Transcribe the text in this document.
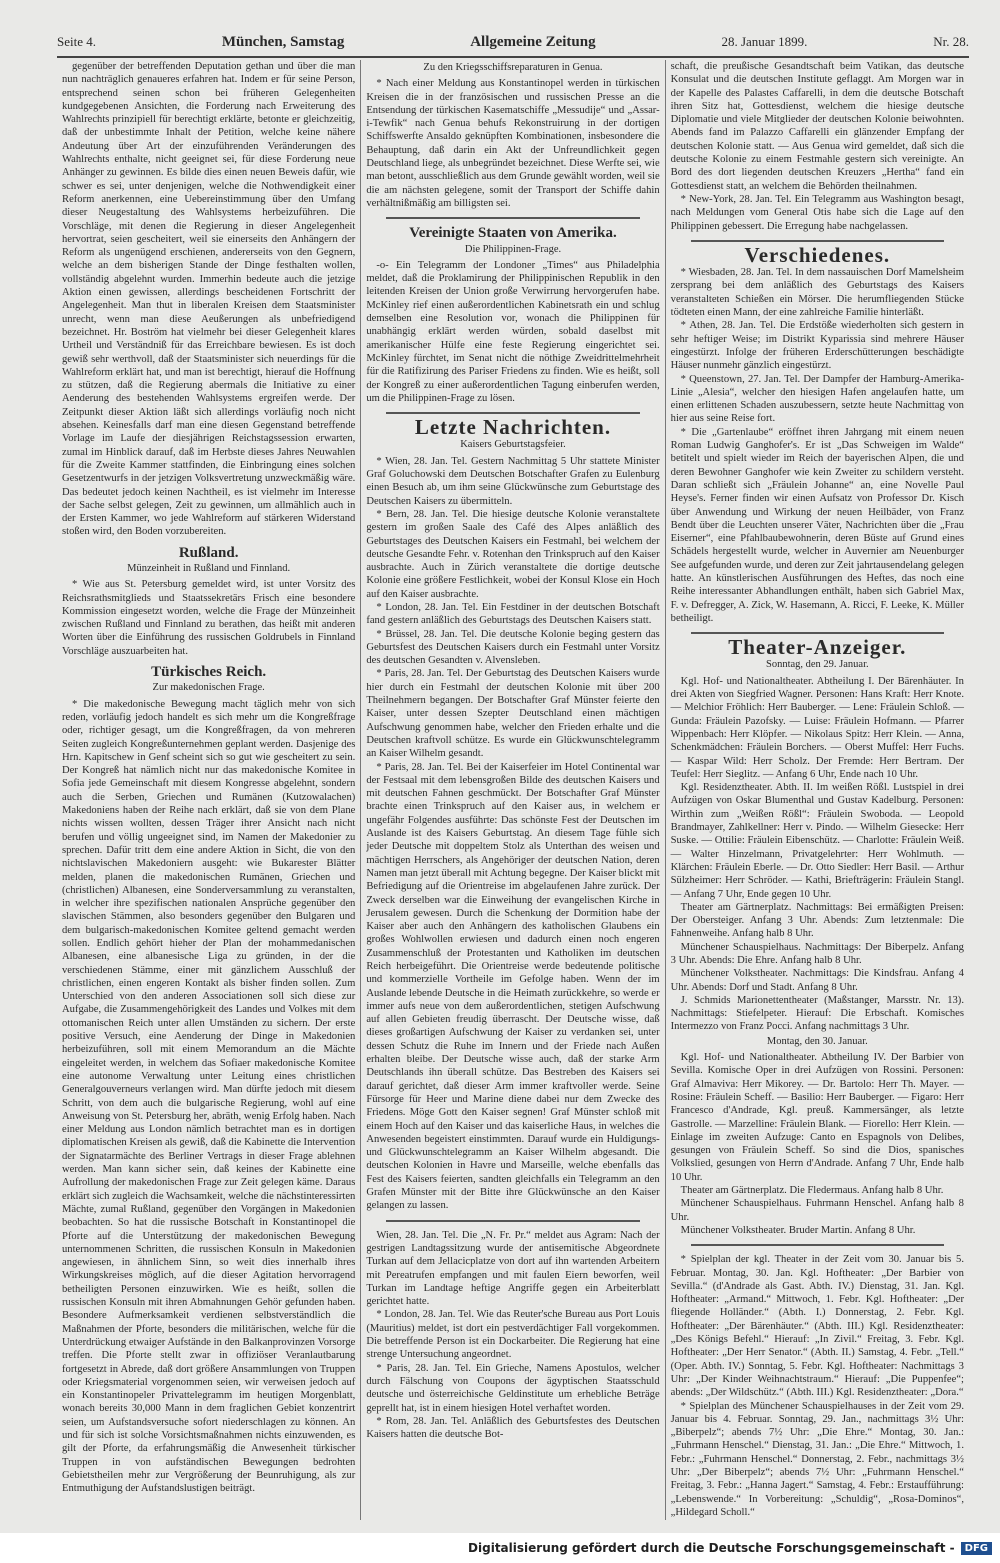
Seite 4.	München, Samstag	Allgemeine Zeitung	28. Januar 1899.	Nr. 28.

gegenüber der betreffenden Deputation gethan und über die man nun nachträglich genaueres erfahren hat. Indem er für seine Person, entsprechend seinen schon bei früheren Gelegenheiten kundgegebenen Ansichten, die Forderung nach Erweiterung des Wahlrechts prinzipiell für berechtigt erklärte, betonte er gleichzeitig, daß der unbestimmte Inhalt der Petition, welche keine nähere Andeutung über Art der einzuführenden Veränderungen des Wahlrechts enthalte, nicht geeignet sei, für diese Forderung neue Anhänger zu gewinnen. Es bilde dies einen neuen Beweis dafür, wie schwer es sei, unter denjenigen, welche die Nothwendigkeit einer Reform anerkennen, eine Uebereinstimmung über den Umfang dieser Neugestaltung des Wahlsystems herbeizuführen. Die Vorschläge, mit denen die Regierung in dieser Angelegenheit hervortrat, seien gescheitert, weil sie einerseits den Anhängern der Reform als ungenügend erschienen, andererseits von den Gegnern, welche an dem bisherigen Stande der Dinge festhalten wollen, vollständig abgelehnt wurden. Immerhin bedeute auch die jetzige Aktion einen gewissen, allerdings bescheidenen Fortschritt der Angelegenheit. Man thut in liberalen Kreisen dem Staatsminister unrecht, wenn man diese Aeußerungen als unbefriedigend bezeichnet. Hr. Boström hat vielmehr bei dieser Gelegenheit klares Urtheil und Verständniß für das Erreichbare bewiesen. Es ist doch gewiß sehr werthvoll, daß der Staatsminister sich neuerdings für die Wahlreform erklärt hat, und man ist berechtigt, hierauf die Hoffnung zu stützen, daß die Regierung abermals die Initiative zu einer Aenderung des bestehenden Wahlsystems ergreifen werde. Der Zeitpunkt dieser Aktion läßt sich allerdings vorläufig noch nicht absehen. Keinesfalls darf man eine diesen Gegenstand betreffende Vorlage im Laufe der diesjährigen Reichstagssession erwarten, zumal im Hinblick darauf, daß im Herbste dieses Jahres Neuwahlen für die Zweite Kammer stattfinden, die Einbringung eines solchen Gesetzentwurfs in der jetzigen Volksvertretung unzweckmäßig wäre. Das bedeutet jedoch keinen Nachtheil, es ist vielmehr im Interesse der Sache selbst gelegen, Zeit zu gewinnen, um allmählich auch in der Ersten Kammer, wo jede Wahlreform auf stärkeren Widerstand stoßen wird, den Boden vorzubereiten.

Rußland.
Münzeinheit in Rußland und Finnland.

* Wie aus St. Petersburg gemeldet wird, ist unter Vorsitz des Reichsrathsmitglieds und Staatssekretärs Frisch eine besondere Kommission eingesetzt worden, welche die Frage der Münzeinheit zwischen Rußland und Finnland zu berathen, das heißt mit anderen Worten über die Einführung des russischen Goldrubels in Finnland Vorschläge auszuarbeiten hat.

Türkisches Reich.
Zur makedonischen Frage.

* Die makedonische Bewegung macht täglich mehr von sich reden, vorläufig jedoch handelt es sich mehr um die Kongreßfrage oder, richtiger gesagt, um die Kongreßfragen, da von mehreren Seiten zugleich Kongreßunternehmen geplant werden. Dasjenige des Hrn. Kapitschew in Genf scheint sich so gut wie gescheitert zu sein. Der Kongreß hat nämlich nicht nur das makedonische Komitee in Sofia jede Gemeinschaft mit diesem Kongresse abgelehnt, sondern auch die Serben, Griechen und Rumänen (Kutzowalachen) Makedoniens haben der Reihe nach erklärt, daß sie von dem Plane nichts wissen wollten, dessen Träger ihrer Ansicht nach nicht berufen und völlig ungeeignet sind, im Namen der Makedonier zu sprechen. Dafür tritt dem eine andere Aktion in Sicht, die von den nichtslavischen Makedoniern ausgeht: wie Bukarester Blätter melden, planen die makedonischen Rumänen, Griechen und (christlichen) Albanesen, eine Sonderversammlung zu veranstalten, in welcher ihre spezifischen nationalen Ansprüche gegenüber den slavischen Stämmen, also besonders gegenüber den Bulgaren und dem bulgarisch-makedonischen Komitee geltend gemacht werden sollen. Endlich gehört hieher der Plan der mohammedanischen Albanesen, eine albanesische Liga zu gründen, in der die verschiedenen Stämme, einer mit gänzlichem Ausschluß der christlichen, einen engeren Kontakt als bisher finden sollen. Zum Unterschied von den anderen Associationen soll sich diese zur Aufgabe, die Zusammengehörigkeit des Landes und Volkes mit dem ottomanischen Reich unter allen Umständen zu sichern. Der erste positive Versuch, eine Aenderung der Dinge in Makedonien herbeizuführen, soll mit einem Memorandum an die Mächte eingeleitet werden, in welchem das Sofiaer makedonische Komitee eine autonome Verwaltung unter Leitung eines christlichen Generalgouverneurs verlangen wird. Man dürfte jedoch mit diesem Schritt, von dem auch die bulgarische Regierung, wohl auf eine Anweisung von St. Petersburg her, abräth, wenig Erfolg haben. Nach einer Meldung aus London nämlich betrachtet man es in dortigen diplomatischen Kreisen als gewiß, daß die Kabinette die Intervention der Signatarmächte des Berliner Vertrags in dieser Frage ablehnen werden. Man kann sicher sein, daß keines der Kabinette eine Aufrollung der makedonischen Frage zur Zeit gelegen käme. Daraus erklärt sich zugleich die Wachsamkeit, welche die nächstinteressirten Mächte, zumal Rußland, gegenüber den Vorgängen in Makedonien beobachten. So hat die russische Botschaft in Konstantinopel die Pforte auf die Unterstützung der makedonischen Bewegung unternommenen Schritten, die russischen Konsuln in Makedonien angewiesen, in ähnlichem Sinn, so weit dies innerhalb ihres Wirkungskreises möglich, auf die dieser Agitation hervorragend betheiligten Personen einzuwirken. Wie es heißt, sollen die russischen Konsuln mit ihren Abmahnungen Gehör gefunden haben. Besondere Aufmerksamkeit verdienen selbstverständlich die Maßnahmen der Pforte, besonders die militärischen, welche für die Unterdrückung etwaiger Aufstände in den Balkanprovinzen Vorsorge treffen. Die Pforte stellt zwar in offiziöser Veranlautbarung fortgesetzt in Abrede, daß dort größere Ansammlungen von Truppen oder Kriegsmaterial vorgenommen seien, wir verweisen jedoch auf ein Konstantinopeler Privattelegramm im heutigen Morgenblatt, wonach bereits 30,000 Mann in dem fraglichen Gebiet konzentrirt seien, um Aufstandsversuche sofort niederschlagen zu können. An und für sich ist solche Vorsichtsmaßnahmen nichts einzuwenden, es gilt der Pforte, da erfahrungsmäßig die Anwesenheit türkischer Truppen in von aufständischen Bewegungen bedrohten Gebietstheilen mehr zur Vergrößerung der Beunruhigung, als zur Entmuthigung der Aufstandslustigen beiträgt.

Zu den Kriegsschiffsreparaturen in Genua.

* Nach einer Meldung aus Konstantinopel werden in türkischen Kreisen die in der französischen und russischen Presse an die Entsendung der türkischen Kasematschiffe „Messudije“ und „Assar-i-Tewfik“ nach Genua behufs Rekonstruirung in der dortigen Schiffswerfte Ansaldo geknüpften Kombinationen, insbesondere die Behauptung, daß darin ein Akt der Unfreundlichkeit gegen Deutschland liege, als unbegründet bezeichnet. Diese Werfte sei, wie man betont, ausschließlich aus dem Grunde gewählt worden, weil sie die am nächsten gelegene, somit der Transport der Schiffe dahin verhältnißmäßig am billigsten sei.

Vereinigte Staaten von Amerika.
Die Philippinen-Frage.

-o- Ein Telegramm der Londoner „Times“ aus Philadelphia meldet, daß die Proklamirung der Philippinischen Republik in den leitenden Kreisen der Union große Verwirrung hervorgerufen habe. McKinley rief einen außerordentlichen Kabinetsrath ein und schlug demselben eine Resolution vor, wonach die Philippinen für unabhängig erklärt werden würden, sobald daselbst mit amerikanischer Hülfe eine feste Regierung eingerichtet sei. McKinley fürchtet, im Senat nicht die nöthige Zweidrittelmehrheit für die Ratifizirung des Pariser Friedens zu finden. Wie es heißt, soll der Kongreß zu einer außerordentlichen Tagung einberufen werden, um die Philippinen-Frage zu lösen.

Letzte Nachrichten.
Kaisers Geburtstagsfeier.

* Wien, 28. Jan. Tel. Gestern Nachmittag 5 Uhr stattete Minister Graf Goluchowski dem Deutschen Botschafter Grafen zu Eulenburg einen Besuch ab, um ihm seine Glückwünsche zum Geburtstage des Deutschen Kaisers zu übermitteln.

* Bern, 28. Jan. Tel. Die hiesige deutsche Kolonie veranstaltete gestern im großen Saale des Café des Alpes anläßlich des Geburtstages des Deutschen Kaisers ein Festmahl, bei welchem der deutsche Gesandte Fehr. v. Rotenhan den Trinkspruch auf den Kaiser ausbrachte. Auch in Zürich veranstaltete die dortige deutsche Kolonie eine größere Festlichkeit, wobei der Konsul Klose ein Hoch auf den Kaiser ausbrachte.

* London, 28. Jan. Tel. Ein Festdiner in der deutschen Botschaft fand gestern anläßlich des Geburtstags des Deutschen Kaisers statt.

* Brüssel, 28. Jan. Tel. Die deutsche Kolonie beging gestern das Geburtsfest des Deutschen Kaisers durch ein Festmahl unter Vorsitz des deutschen Gesandten v. Alvensleben.

* Paris, 28. Jan. Tel. Der Geburtstag des Deutschen Kaisers wurde hier durch ein Festmahl der deutschen Kolonie mit über 200 Theilnehmern begangen. Der Botschafter Graf Münster feierte den Kaiser, unter dessen Szepter Deutschland einen mächtigen Aufschwung genommen habe, welcher den Frieden erhalte und die Deutschen kraftvoll schütze. Es wurde ein Glückwunschtelegramm an Kaiser Wilhelm gesandt.

* Paris, 28. Jan. Tel. Bei der Kaiserfeier im Hotel Continental war der Festsaal mit dem lebensgroßen Bilde des deutschen Kaisers und mit deutschen Fahnen geschmückt. Der Botschafter Graf Münster brachte einen Trinkspruch auf den Kaiser aus, in welchem er ungefähr Folgendes ausführte: Das schönste Fest der Deutschen im Auslande ist des Kaisers Geburtstag. An diesem Tage fühle sich jeder Deutsche mit doppeltem Stolz als Unterthan des weisen und mächtigen Herrschers, als Angehöriger der deutschen Nation, deren Namen man jetzt überall mit Achtung begegne. Der Kaiser blickt mit Befriedigung auf die Orientreise im abgelaufenen Jahre zurück. Der Zweck derselben war die Einweihung der evangelischen Kirche in Jerusalem gewesen. Durch die Schenkung der Dormition habe der Kaiser aber auch den Anhängern des katholischen Glaubens ein großes Wohlwollen erwiesen und dadurch einen noch engeren Zusammenschluß der Protestanten und Katholiken im deutschen Reich herbeigeführt. Die Orientreise werde bedeutende politische und kommerzielle Vortheile im Gefolge haben. Wenn der im Auslande lebende Deutsche in die Heimath zurückkehre, so werde er immer aufs neue von dem außerordentlichen, stetigen Aufschwung auf allen Gebieten freudig überrascht. Der Deutsche wisse, daß dieses großartigen Aufschwung der Kaiser zu verdanken sei, unter dessen Schutz die Ruhe im Innern und der Friede nach Außen erhalten bleibe. Der Deutsche wisse auch, daß der starke Arm Deutschlands ihn überall schütze. Das Bestreben des Kaisers sei darauf gerichtet, daß dieser Arm immer kraftvoller werde. Seine Fürsorge für Heer und Marine diene dabei nur dem Zwecke des Friedens. Möge Gott den Kaiser segnen! Graf Münster schloß mit einem Hoch auf den Kaiser und das kaiserliche Haus, in welches die Anwesenden begeistert einstimmten. Darauf wurde ein Huldigungs- und Glückwunschtelegramm an Kaiser Wilhelm abgesandt. Die deutschen Kolonien in Havre und Marseille, welche ebenfalls das Fest des Kaisers feierten, sandten gleichfalls ein Telegramm an den Grafen Münster mit der Bitte ihre Glückwünsche an den Kaiser gelangen zu lassen.

Wien, 28. Jan. Tel. Die „N. Fr. Pr.“ meldet aus Agram: Nach der gestrigen Landtagssitzung wurde der antisemitische Abgeordnete Turkan auf dem Jellacicplatze von dort auf ihn wartenden Arbeitern mit Pereatrufen empfangen und mit faulen Eiern beworfen, weil Turkan im Landtage heftige Angriffe gegen ein Arbeiterblatt gerichtet hatte.

* London, 28. Jan. Tel. Wie das Reuter'sche Bureau aus Port Louis (Mauritius) meldet, ist dort ein pestverdächtiger Fall vorgekommen. Die betreffende Person ist ein Dockarbeiter. Die Regierung hat eine strenge Untersuchung angeordnet.

* Paris, 28. Jan. Tel. Ein Grieche, Namens Apostulos, welcher durch Fälschung von Coupons der ägyptischen Staatsschuld deutsche und österreichische Geldinstitute um erhebliche Beträge geprellt hat, ist in einem hiesigen Hotel verhaftet worden.

* Rom, 28. Jan. Tel. Anläßlich des Geburtsfestes des Deutschen Kaisers hatten die deutsche Bot-

schaft, die preußische Gesandtschaft beim Vatikan, das deutsche Konsulat und die deutschen Institute geflaggt. Am Morgen war in der Kapelle des Palastes Caffarelli, in dem die deutsche Botschaft ihren Sitz hat, Gottesdienst, welchem die hiesige deutsche Diplomatie und viele Mitglieder der deutschen Kolonie beiwohnten. Abends fand im Palazzo Caffarelli ein glänzender Empfang der deutschen Kolonie statt. — Aus Genua wird gemeldet, daß sich die deutsche Kolonie zu einem Festmahle gestern sich vereinigte. An Bord des dort liegenden deutschen Kreuzers „Hertha“ fand ein Gottesdienst statt, an welchem die Behörden theilnahmen.

* New-York, 28. Jan. Tel. Ein Telegramm aus Washington besagt, nach Meldungen vom General Otis habe sich die Lage auf den Philippinen gebessert. Die Erregung habe nachgelassen.

Verschiedenes.

* Wiesbaden, 28. Jan. Tel. In dem nassauischen Dorf Mamelsheim zersprang bei dem anläßlich des Geburtstags des Kaisers veranstalteten Schießen ein Mörser. Die herumfliegenden Stücke tödteten einen Mann, der eine zahlreiche Familie hinterläßt.

* Athen, 28. Jan. Tel. Die Erdstöße wiederholten sich gestern in sehr heftiger Weise; im Distrikt Kyparissia sind mehrere Häuser eingestürzt. Infolge der früheren Erderschütterungen beschädigte Häuser nunmehr gänzlich eingestürzt.

* Queenstown, 27. Jan. Tel. Der Dampfer der Hamburg-Amerika-Linie „Alesia“, welcher den hiesigen Hafen angelaufen hatte, um einen erlittenen Schaden auszubessern, setzte heute Nachmittag von hier aus seine Reise fort.

* Die „Gartenlaube“ eröffnet ihren Jahrgang mit einem neuen Roman Ludwig Ganghofer's. Er ist „Das Schweigen im Walde“ betitelt und spielt wieder im Reich der bayerischen Alpen, die und deren Bewohner Ganghofer wie kein Zweiter zu schildern versteht. Daran schließt sich „Fräulein Johanne“ an, eine Novelle Paul Heyse's. Ferner finden wir einen Aufsatz von Professor Dr. Kisch über Anwendung und Wirkung der neuen Heilbäder, von Franz Bendt über die Leuchten unserer Väter, Nachrichten über die „Frau Eiserner“, eine Pfahlbaubewohnerin, deren Büste auf Grund eines Schädels hergestellt wurde, welcher in Auvernier am Neuenburger See aufgefunden wurde, und deren zur Zeit jahrtausendelang gelegen hatte. An künstlerischen Ausführungen des Heftes, das noch eine Reihe interessanter Abhandlungen enthält, haben sich Gabriel Max, F. v. Defregger, A. Zick, W. Hasemann, A. Ricci, F. Leeke, K. Müller betheiligt.

Theater-Anzeiger.
Sonntag, den 29. Januar.

Kgl. Hof- und Nationaltheater. Abtheilung I. Der Bärenhäuter. In drei Akten von Siegfried Wagner. Personen: Hans Kraft: Herr Knote. — Melchior Fröhlich: Herr Bauberger. — Lene: Fräulein Schloß. — Gunda: Fräulein Pazofsky. — Luise: Fräulein Hofmann. — Pfarrer Wippenbach: Herr Klöpfer. — Nikolaus Spitz: Herr Klein. — Anna, Schenkmädchen: Fräulein Borchers. — Oberst Muffel: Herr Fuchs. — Kaspar Wild: Herr Scholz. Der Fremde: Herr Bertram. Der Teufel: Herr Sieglitz. — Anfang 6 Uhr, Ende nach 10 Uhr.

Kgl. Residenztheater. Abth. II. Im weißen Rößl. Lustspiel in drei Aufzügen von Oskar Blumenthal und Gustav Kadelburg. Personen: Wirthin zum „Weißen Rößl“: Fräulein Swoboda. — Leopold Brandmayer, Zahlkellner: Herr v. Pindo. — Wilhelm Giesecke: Herr Suske. — Ottilie: Fräulein Eibenschütz. — Charlotte: Fräulein Weiß. — Walter Hinzelmann, Privatgelehrter: Herr Wohlmuth. — Klärchen: Fräulein Eberle. — Dr. Otto Siedler: Herr Basil. — Arthur Sülzheimer: Herr Schröder. — Kathi, Briefträgerin: Fräulein Stangl. — Anfang 7 Uhr, Ende gegen 10 Uhr.

Theater am Gärtnerplatz. Nachmittags: Bei ermäßigten Preisen: Der Obersteiger. Anfang 3 Uhr. Abends: Zum letztenmale: Die Fahnenweihe. Anfang halb 8 Uhr.

Münchener Schauspielhaus. Nachmittags: Der Biberpelz. Anfang 3 Uhr. Abends: Die Ehre. Anfang halb 8 Uhr.

Münchener Volkstheater. Nachmittags: Die Kindsfrau. Anfang 4 Uhr. Abends: Dorf und Stadt. Anfang 8 Uhr.

J. Schmids Marionettentheater (Maßstanger, Marsstr. Nr. 13). Nachmittags: Stiefelpeter. Hierauf: Die Erbschaft. Komisches Intermezzo von Franz Pocci. Anfang nachmittags 3 Uhr.

Montag, den 30. Januar.

Kgl. Hof- und Nationaltheater. Abtheilung IV. Der Barbier von Sevilla. Komische Oper in drei Aufzügen von Rossini. Personen: Graf Almaviva: Herr Mikorey. — Dr. Bartolo: Herr Th. Mayer. — Rosine: Fräulein Scheff. — Basilio: Herr Bauberger. — Figaro: Herr Francesco d'Andrade, Kgl. preuß. Kammersänger, als letzte Gastrolle. — Marzelline: Fräulein Blank. — Fiorello: Herr Klein. — Einlage im zweiten Aufzuge: Canto en Espagnols von Delibes, gesungen von Fräulein Scheff. So sind die Dios, spanisches Volkslied, gesungen von Herrn d'Andrade. Anfang 7 Uhr, Ende halb 10 Uhr.

Theater am Gärtnerplatz. Die Fledermaus. Anfang halb 8 Uhr.

Münchener Schauspielhaus. Fuhrmann Henschel. Anfang halb 8 Uhr.

Münchener Volkstheater. Bruder Martin. Anfang 8 Uhr.

* Spielplan der kgl. Theater in der Zeit vom 30. Januar bis 5. Februar. Montag, 30. Jan. Kgl. Hoftheater: „Der Barbier von Sevilla.“ (d'Andrade als Gast. Abth. IV.) Dienstag, 31. Jan. Kgl. Hoftheater: „Armand.“ Mittwoch, 1. Febr. Kgl. Hoftheater: „Der fliegende Holländer.“ (Abth. I.) Donnerstag, 2. Febr. Kgl. Hoftheater: „Der Bärenhäuter.“ (Abth. III.) Kgl. Residenztheater: „Des Königs Befehl.“ Hierauf: „In Zivil.“ Freitag, 3. Febr. Kgl. Hoftheater: „Der Herr Senator.“ (Abth. II.) Samstag, 4. Febr. „Tell.“ (Oper. Abth. IV.) Sonntag, 5. Febr. Kgl. Hoftheater: Nachmittags 3 Uhr: „Der Kinder Weihnachtstraum.“ Hierauf: „Die Puppenfee“; abends: „Der Wildschütz.“ (Abth. III.) Kgl. Residenztheater: „Dora.“

* Spielplan des Münchener Schauspielhauses in der Zeit vom 29. Januar bis 4. Februar. Sonntag, 29. Jan., nachmittags 3½ Uhr: „Biberpelz“; abends 7½ Uhr: „Die Ehre.“ Montag, 30. Jan.: „Fuhrmann Henschel.“ Dienstag, 31. Jan.: „Die Ehre.“ Mittwoch, 1. Febr.: „Fuhrmann Henschel.“ Donnerstag, 2. Febr., nachmittags 3½ Uhr: „Der Biberpelz“; abends 7½ Uhr: „Fuhrmann Henschel.“ Freitag, 3. Febr.: „Hanna Jagert.“ Samstag, 4. Febr.: Erstaufführung: „Lebenswende.“ In Vorbereitung: „Schuldig“, „Rosa-Dominos“, „Hildegard Scholl.“

Digitalisierung gefördert durch die Deutsche Forschungsgemeinschaft -	DFG
